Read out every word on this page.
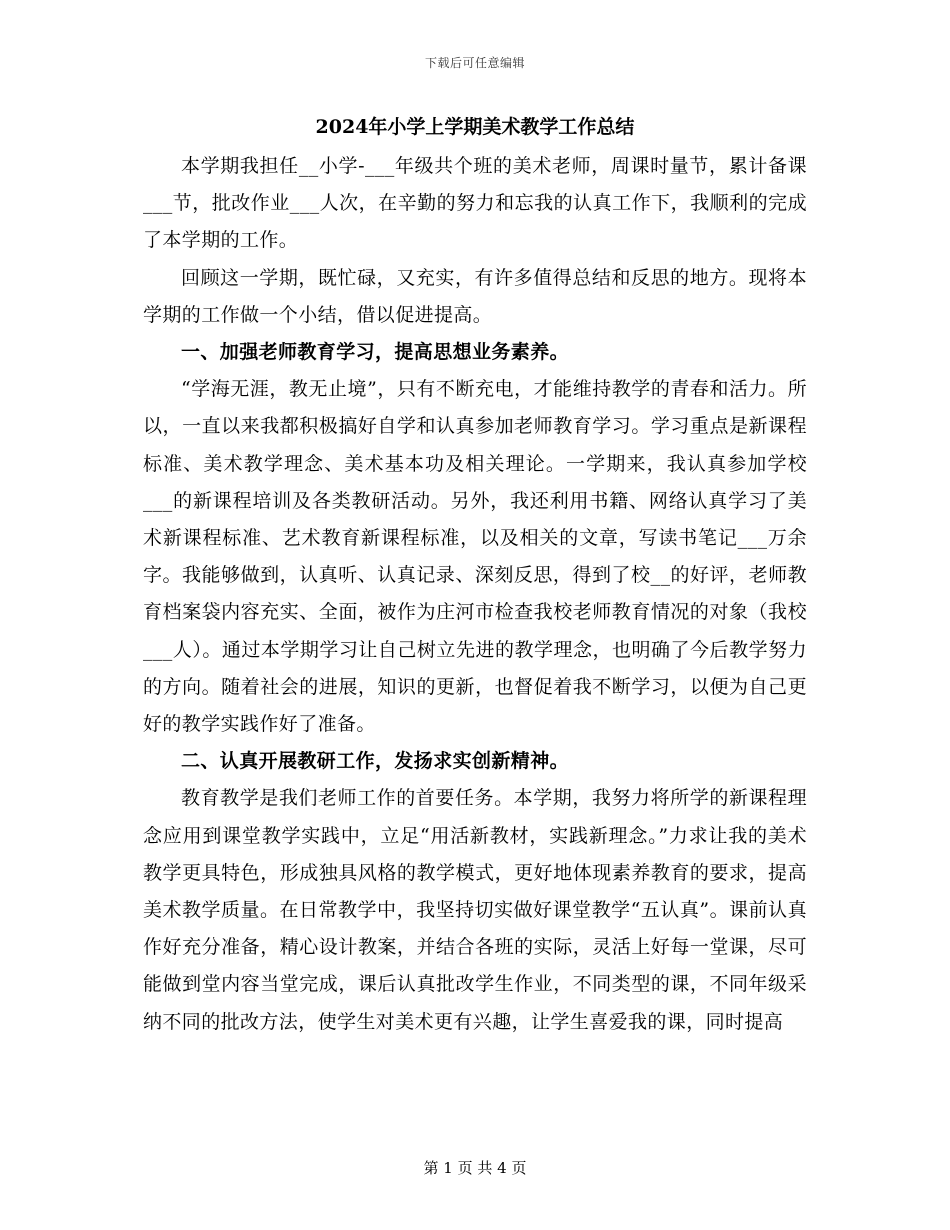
下载后可任意编辑
2024年小学上学期美术教学工作总结

本学期我担任__小学-___年级共个班的美术老师，周课时量节，累计备课___节，批改作业___人次，在辛勤的努力和忘我的认真工作下，我顺利的完成了本学期的工作。

回顾这一学期，既忙碌，又充实，有许多值得总结和反思的地方。现将本学期的工作做一个小结，借以促进提高。

一、加强老师教育学习，提高思想业务素养。

“学海无涯，教无止境”，只有不断充电，才能维持教学的青春和活力。所以，一直以来我都积极搞好自学和认真参加老师教育学习。学习重点是新课程标准、美术教学理念、美术基本功及相关理论。一学期来，我认真参加学校___的新课程培训及各类教研活动。另外，我还利用书籍、网络认真学习了美术新课程标准、艺术教育新课程标准，以及相关的文章，写读书笔记___万余字。我能够做到，认真听、认真记录、深刻反思，得到了校__的好评，老师教育档案袋内容充实、全面，被作为庄河市检查我校老师教育情况的对象（我校___人）。通过本学期学习让自己树立先进的教学理念，也明确了今后教学努力的方向。随着社会的进展，知识的更新，也督促着我不断学习，以便为自己更好的教学实践作好了准备。

二、认真开展教研工作，发扬求实创新精神。

教育教学是我们老师工作的首要任务。本学期，我努力将所学的新课程理念应用到课堂教学实践中，立足“用活新教材，实践新理念。”力求让我的美术教学更具特色，形成独具风格的教学模式，更好地体现素养教育的要求，提高美术教学质量。在日常教学中，我坚持切实做好课堂教学“五认真”。课前认真作好充分准备，精心设计教案，并结合各班的实际，灵活上好每一堂课，尽可能做到堂内容当堂完成，课后认真批改学生作业，不同类型的课，不同年级采纳不同的批改方法，使学生对美术更有兴趣，让学生喜爱我的课，同时提高

第 1 页 共 4 页
